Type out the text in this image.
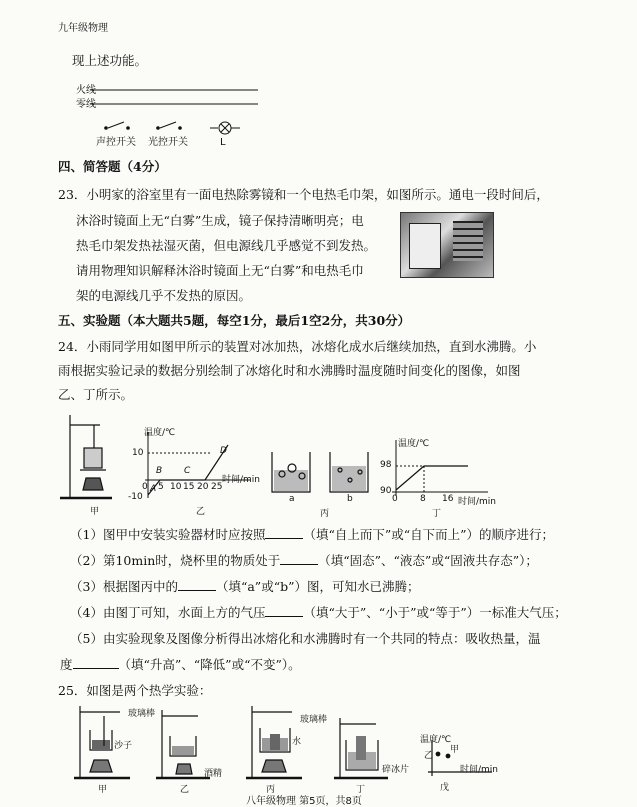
九年级物理
现上述功能。
火线
零线
声控开关 光控开关	L
四、简答题（4分）
23．小明家的浴室里有一面电热除雾镜和一个电热毛巾架，如图所示。通电一段时间后，
沐浴时镜面上无“白雾”生成，镜子保持清晰明亮；电
热毛巾架发热祛湿灭菌，但电源线几乎感觉不到发热。
请用物理知识解释沐浴时镜面上无“白雾”和电热毛巾
架的电源线几乎不发热的原因。
五、实验题（本大题共5题，每空1分，最后1空2分，共30分）
24．小雨同学用如图甲所示的装置对冰加热，冰熔化成水后继续加热，直到水沸腾。小
雨根据实验记录的数据分别绘制了冰熔化时和水沸腾时温度随时间变化的图像，如图
乙、丁所示。
甲	乙	丙	丁
a	b
温度/℃
时间/min
10
-10
0 5 10 15 20 25
A
B C
D
温度/℃
时间/min
98
90
0 8 16
（1）图甲中安装实验器材时应按照	（填“自上而下”或“自下而上”）的顺序进行；
（2）第10min时，烧杯里的物质处于	（填“固态”、“液态”或“固液共存态”）；
（3）根据图丙中的	（填“a”或“b”）图，可知水已沸腾；
（4）由图丁可知，水面上方的气压	（填“大于”、“小于”或“等于”）一标准大气压；
（5）由实验现象及图像分析得出冰熔化和水沸腾时有一个共同的特点：吸收热量，温
度	（填“升高”、“降低”或“不变”）。
25．如图是两个热学实验：
玻璃棒
沙子
酒精
水
碎冰片
玻璃棒
甲	乙	丙	丁	戊
温度/℃
时间/min
甲
乙
八年级物理 第5页，共8页
